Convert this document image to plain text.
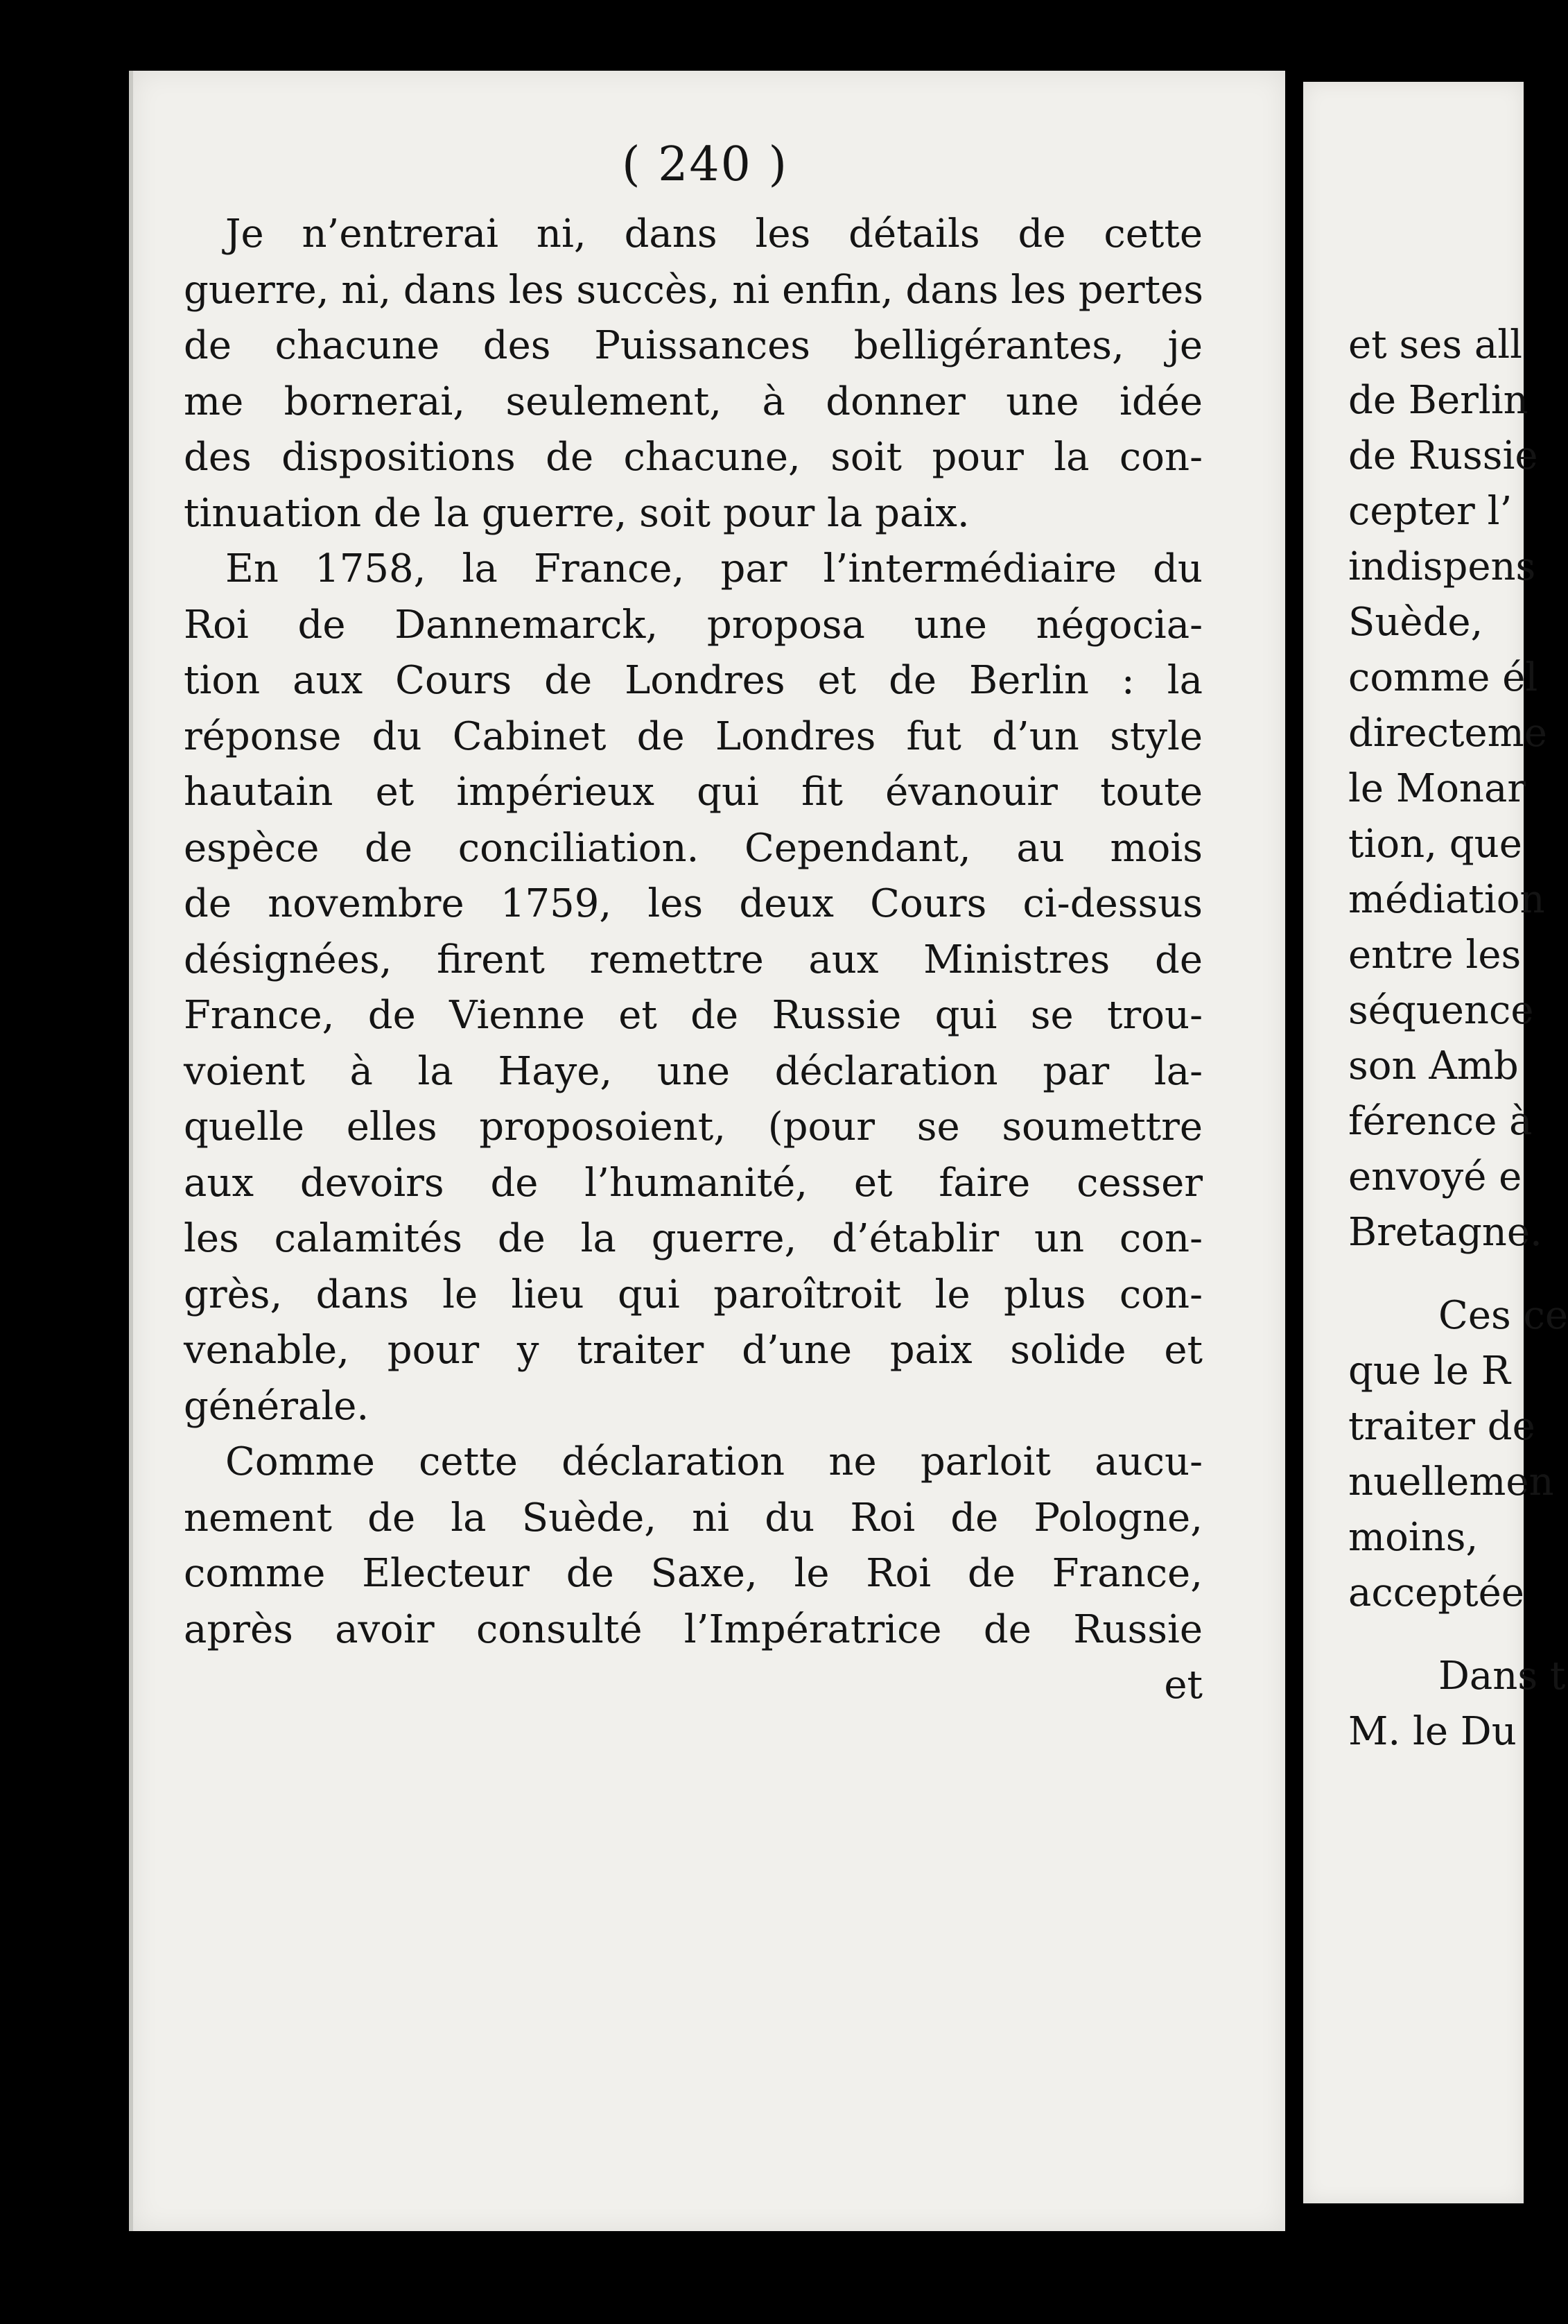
( 240 )
Je n’entrerai ni, dans les détails de cette
guerre, ni, dans les succès, ni enfin, dans les pertes
de chacune des Puissances belligérantes, je
me bornerai, seulement, à donner une idée
des dispositions de chacune, soit pour la con-
tinuation de la guerre, soit pour la paix.
En 1758, la France, par l’intermédiaire du
Roi de Dannemarck, proposa une négocia-
tion aux Cours de Londres et de Berlin : la
réponse du Cabinet de Londres fut d’un style
hautain et impérieux qui fit évanouir toute
espèce de conciliation. Cependant, au mois
de novembre 1759, les deux Cours ci-dessus
désignées, firent remettre aux Ministres de
France, de Vienne et de Russie qui se trou-
voient à la Haye, une déclaration par la-
quelle elles proposoient, (pour se soumettre
aux devoirs de l’humanité, et faire cesser
les calamités de la guerre, d’établir un con-
grès, dans le lieu qui paroîtroit le plus con-
venable, pour y traiter d’une paix solide et
générale.
Comme cette déclaration ne parloit aucu-
nement de la Suède, ni du Roi de Pologne,
comme Electeur de Saxe, le Roi de France,
après avoir consulté l’Impératrice de Russie
et
et ses all
de Berlin
de Russie
cepter l’
indispens
Suède,
comme él
directeme
le Monar
tion, que
médiation
entre les
séquence
son Amb
férence à
envoyé e
Bretagne.
Ces ce
que le R
traiter de
nuellemen
moins,
acceptée
Dans t
M. le Du
